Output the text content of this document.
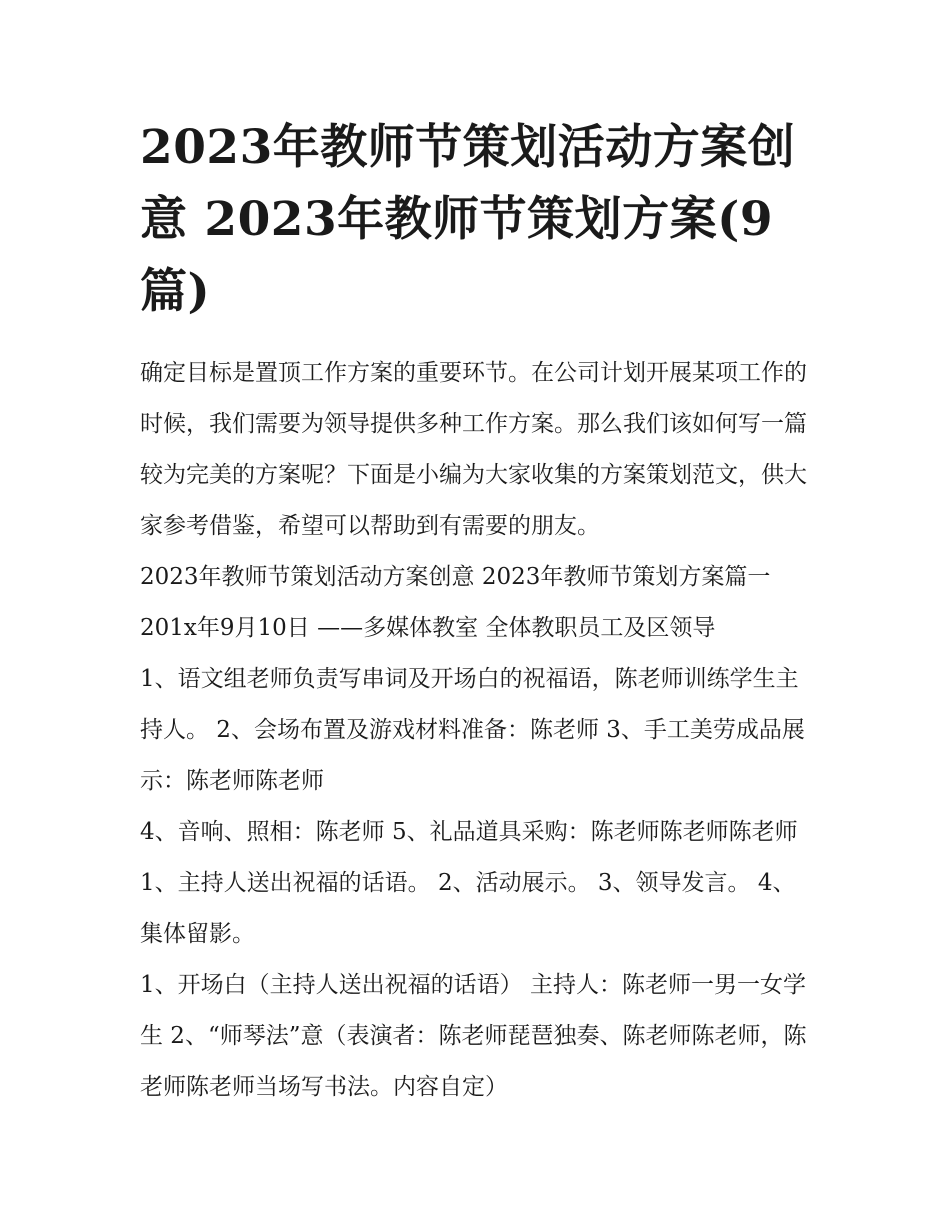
2023年教师节策划活动方案创意 2023年教师节策划方案(9篇)

确定目标是置顶工作方案的重要环节。在公司计划开展某项工作的时候，我们需要为领导提供多种工作方案。那么我们该如何写一篇较为完美的方案呢？下面是小编为大家收集的方案策划范文，供大家参考借鉴，希望可以帮助到有需要的朋友。

2023年教师节策划活动方案创意 2023年教师节策划方案篇一

201x年9月10日 ——多媒体教室 全体教职员工及区领导

1、语文组老师负责写串词及开场白的祝福语，陈老师训练学生主持人。 2、会场布置及游戏材料准备：陈老师 3、手工美劳成品展示：陈老师陈老师

4、音响、照相：陈老师 5、礼品道具采购：陈老师陈老师陈老师 1、主持人送出祝福的话语。 2、活动展示。 3、领导发言。 4、集体留影。

1、开场白（主持人送出祝福的话语） 主持人：陈老师一男一女学生 2、“师琴法”意（表演者：陈老师琵琶独奏、陈老师陈老师，陈老师陈老师当场写书法。内容自定）
